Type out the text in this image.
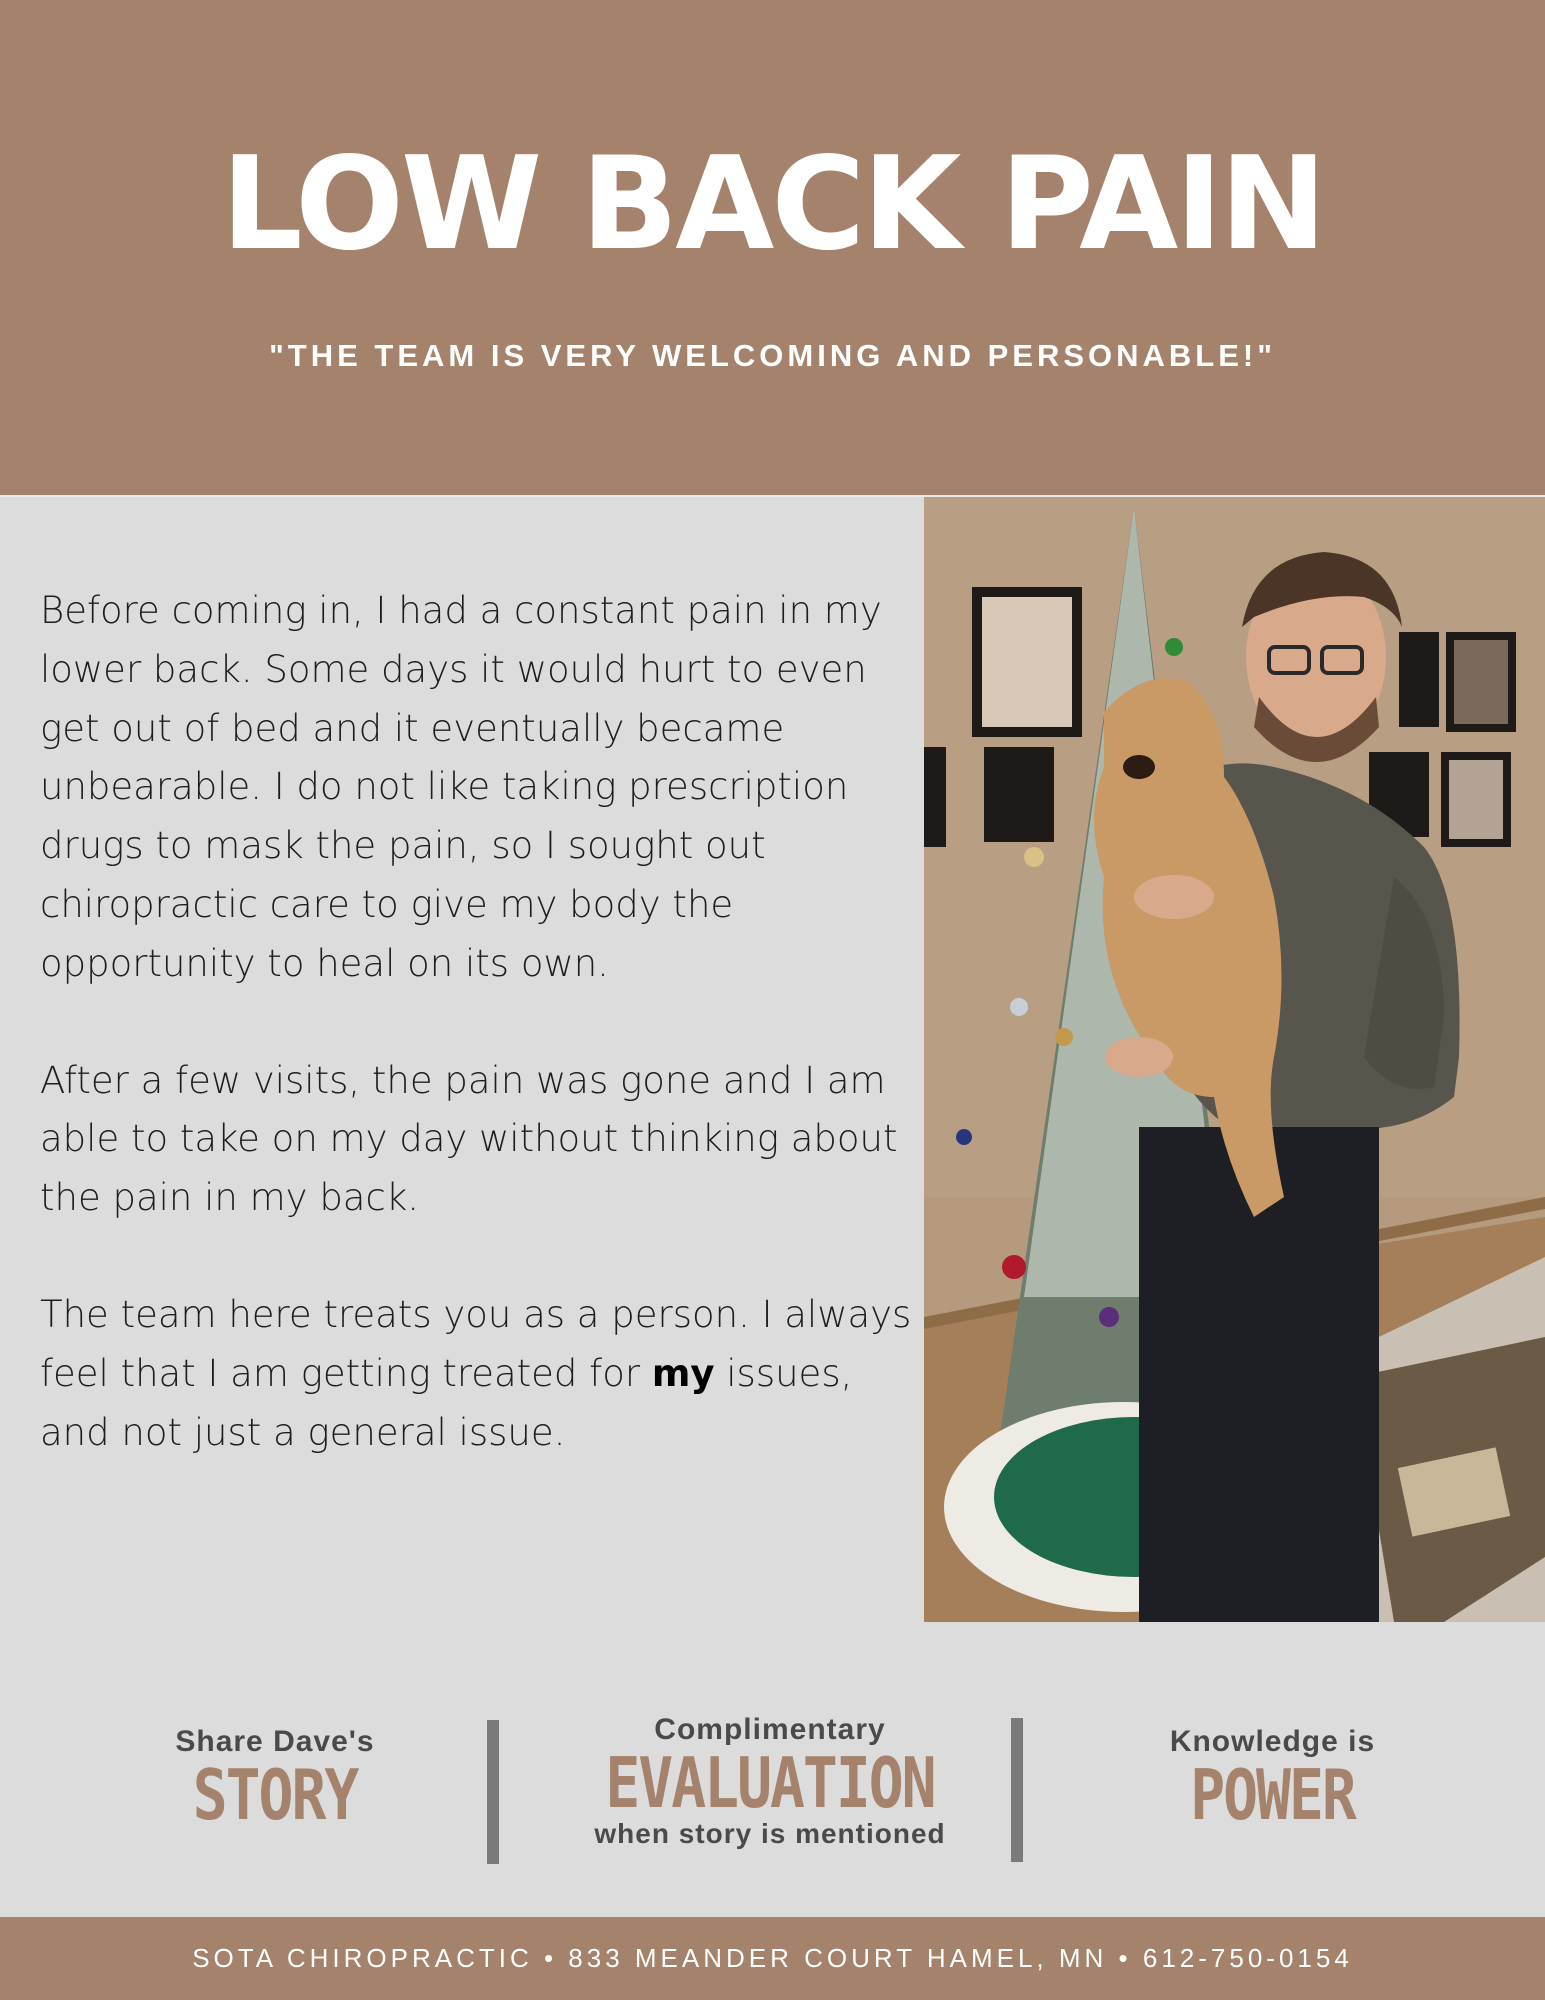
LOW BACK PAIN
"THE TEAM IS VERY WELCOMING AND PERSONABLE!"

Before coming in, I had a constant pain in my lower back. Some days it would hurt to even get out of bed and it eventually became unbearable. I do not like taking prescription drugs to mask the pain, so I sought out chiropractic care to give my body the opportunity to heal on its own.

After a few visits, the pain was gone and I am able to take on my day without thinking about the pain in my back.

The team here treats you as a person. I always feel that I am getting treated for my issues, and not just a general issue.

Share Dave's
STORY
Complimentary
EVALUATION
when story is mentioned
Knowledge is
POWER
SOTA CHIROPRACTIC • 833 MEANDER COURT HAMEL, MN • 612-750-0154
